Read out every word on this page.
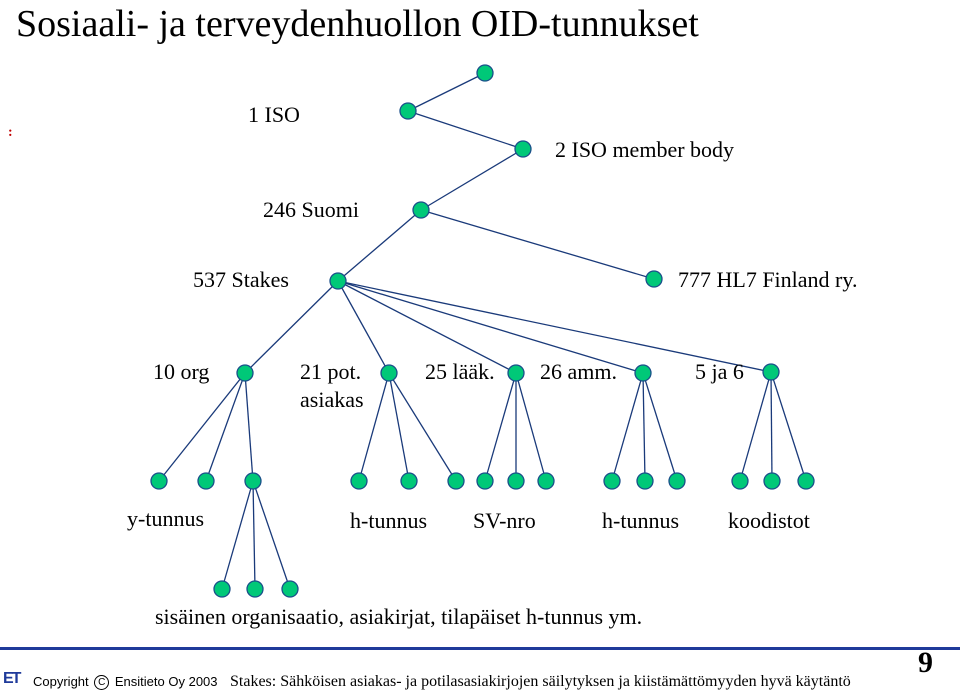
Sosiaali- ja terveydenhuollon OID-tunnukset
:
1 ISO
2 ISO member body
246 Suomi
537 Stakes	777 HL7 Finland ry.
10 org	21 pot.
asiakas
25 lääk. 26 amm.	5 ja 6
y-tunnus	h-tunnus SV-nro	h-tunnus koodistot
sisäinen organisaatio, asiakirjat, tilapäiset h-tunnus ym.
9
ET Copyright C Ensitieto Oy 2003 Stakes: Sähköisen asiakas- ja potilasasiakirjojen säilytyksen ja kiistämättömyyden hyvä käytäntö
